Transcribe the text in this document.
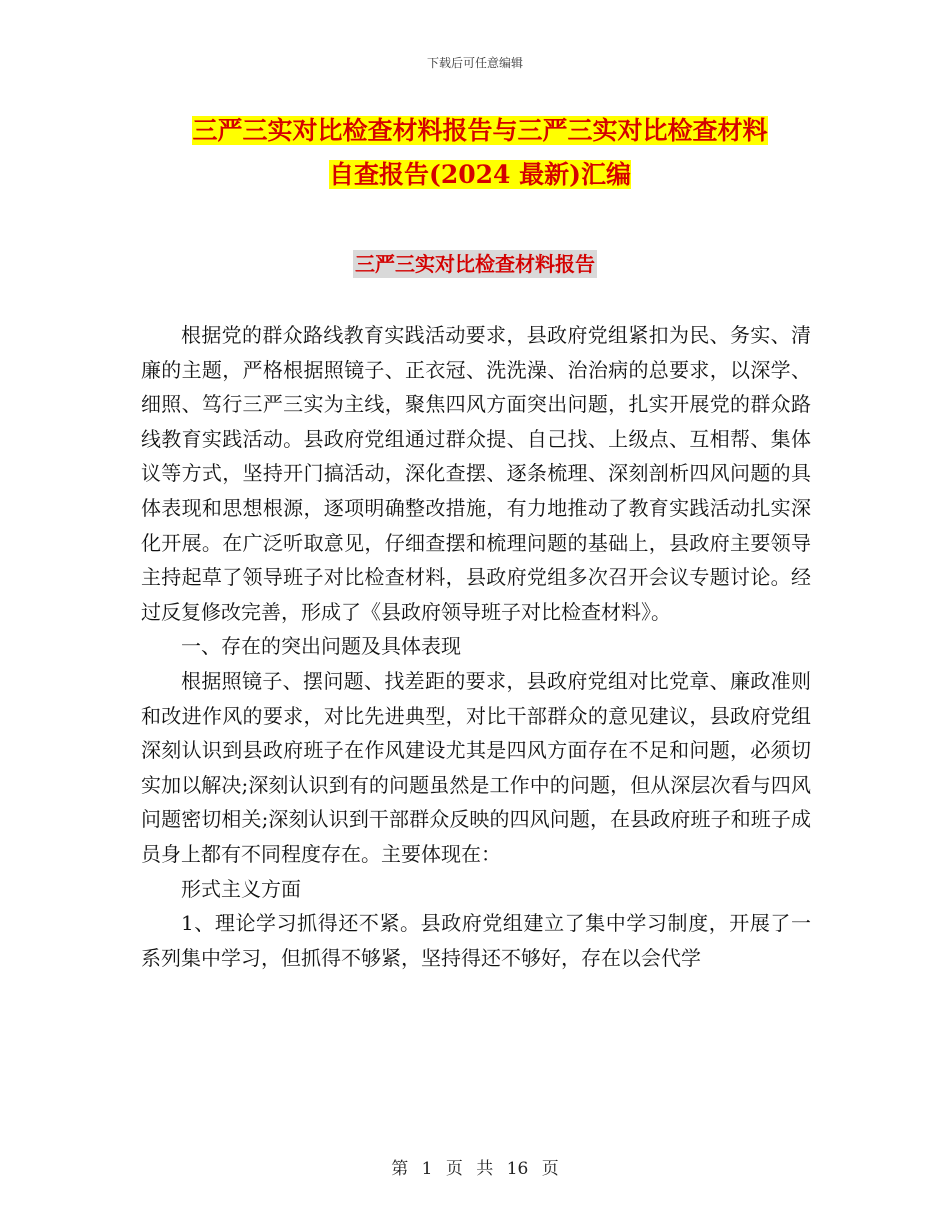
下载后可任意编辑
三严三实对比检查材料报告与三严三实对比检查材料
自查报告(2024 最新)汇编
三严三实对比检查材料报告

根据党的群众路线教育实践活动要求，县政府党组紧扣为民、务实、清廉的主题，严格根据照镜子、正衣冠、洗洗澡、治治病的总要求，以深学、细照、笃行三严三实为主线，聚焦四风方面突出问题，扎实开展党的群众路线教育实践活动。县政府党组通过群众提、自己找、上级点、互相帮、集体议等方式，坚持开门搞活动，深化查摆、逐条梳理、深刻剖析四风问题的具体表现和思想根源，逐项明确整改措施，有力地推动了教育实践活动扎实深化开展。在广泛听取意见，仔细查摆和梳理问题的基础上，县政府主要领导主持起草了领导班子对比检查材料，县政府党组多次召开会议专题讨论。经过反复修改完善，形成了《县政府领导班子对比检查材料》。

一、存在的突出问题及具体表现

根据照镜子、摆问题、找差距的要求，县政府党组对比党章、廉政准则和改进作风的要求，对比先进典型，对比干部群众的意见建议，县政府党组深刻认识到县政府班子在作风建设尤其是四风方面存在不足和问题，必须切实加以解决;深刻认识到有的问题虽然是工作中的问题，但从深层次看与四风问题密切相关;深刻认识到干部群众反映的四风问题，在县政府班子和班子成员身上都有不同程度存在。主要体现在：

形式主义方面

1、理论学习抓得还不紧。县政府党组建立了集中学习制度，开展了一系列集中学习，但抓得不够紧，坚持得还不够好，存在以会代学

第 1 页 共 16 页
